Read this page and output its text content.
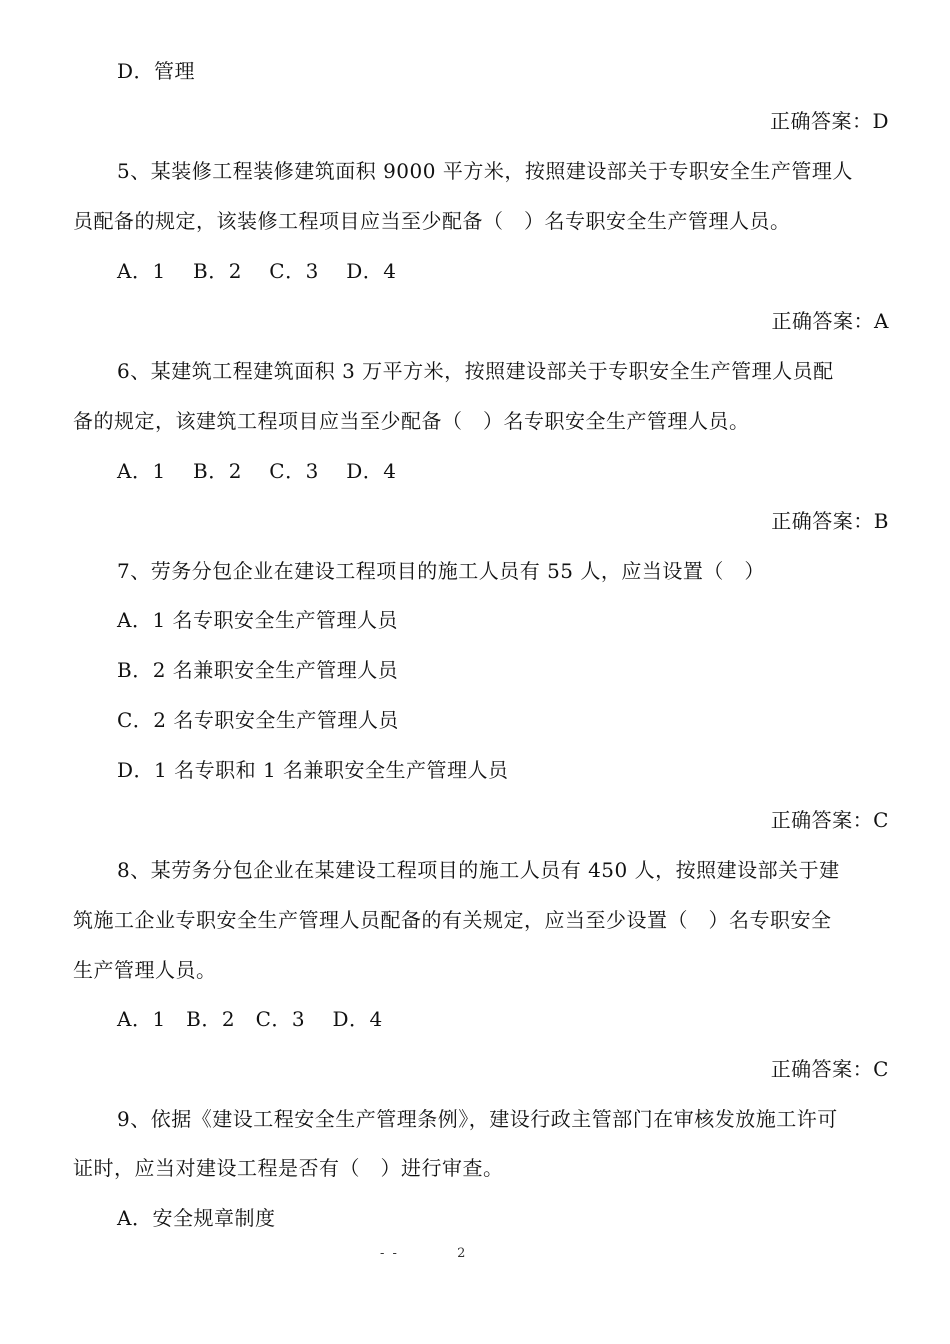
D．管理

正确答案：D

5、某装修工程装修建筑面积 9000 平方米，按照建设部关于专职安全生产管理人

员配备的规定，该装修工程项目应当至少配备（　）名专职安全生产管理人员。

A．1　 B．2 　C．3　 D．4

正确答案：A

6、某建筑工程建筑面积 3 万平方米，按照建设部关于专职安全生产管理人员配

备的规定，该建筑工程项目应当至少配备（　）名专职安全生产管理人员。

A．1　 B．2 　C．3　 D．4

正确答案：B

7、劳务分包企业在建设工程项目的施工人员有 55 人，应当设置（　）

A．1 名专职安全生产管理人员

B．2 名兼职安全生产管理人员

C．2 名专职安全生产管理人员

D．1 名专职和 1 名兼职安全生产管理人员

正确答案：C

8、某劳务分包企业在某建设工程项目的施工人员有 450 人，按照建设部关于建

筑施工企业专职安全生产管理人员配备的有关规定，应当至少设置（　）名专职安全

生产管理人员。

A．1　B．2　C．3　 D．4

正确答案：C

9、依据《建设工程安全生产管理条例》，建设行政主管部门在审核发放施工许可

证时，应当对建设工程是否有（　）进行审查。

A．安全规章制度

- -	2
